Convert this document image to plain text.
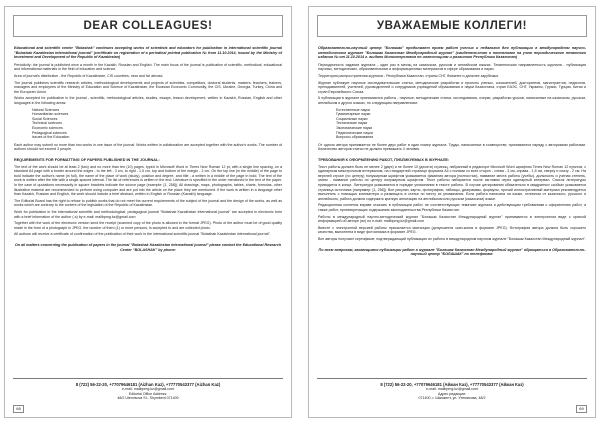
DEAR COLLEAGUES!
Educational and scientific center "Bolashak" continues accepting works of scientists and educators for publication in international scientific journal "Bolashak Kazakhstan international journal" (certificate on registration of a periodical printed publication № from 11.10.2014, issued by the Ministry of Investment and Development of the Republic of Kazakhstan)

Periodicity: the journal is published once a month in the Kazakh, Russian and English. The main focus of the journal is publication of scientific, methodical, educational and informational materials in the field of education and science.

Area of journal's distribution - the Republic of Kazakhstan, CIS countries, near and far abroad.

The journal publishes scientific research articles, methodological developments and projects of scientists, competitors, doctoral students, masters, teachers, trainers, managers and employees of the Ministry of Education and Science of Kazakhstan, the Eurasian Economic Community, the CIS, Ukraine, Georgia, Turkey, China and the European Union.

Works accepted for publication in the journal - scientific, methodological articles, studies, essays, lesson development, written in Kazakh, Russian, English and other languages in the following areas:

Natural Sciences
Humanitarian sciences
Social Sciences
Technical sciences
Economic sciences
Pedagogical sciences
Issues of the Education

Each author may submit no more than two works in one issue of the journal. Works written in collaboration are accepted together with the author's works. The number of authors should not exceed 3 people.

REQUIREMENTS FOR FORMATTING OF PAPERS PUBLISHED IN THE JOURNAL:

The text of the work should be at least 2 (two) and no more than ten (10) pages, typed in Microsoft Word in Times New Roman 12 pt, with a single line spacing, on a standard A4 page with a border around the edges - to the left - 3 cm, to right - 1.5 cm, top and bottom of the margin - 2 cm. On the top line (in the middle) of the page to bold indicate the author's name (in full), the name of the place of work (study), position and degree, and title - a written in a middle of the page in bold. The text of the work is written after the title with a single-spaced interval. The list of references is written in the end. Literature is specified in the order mentioned in the text of the paper. In the case of quotations necessarily in square brackets indicate the source page (example: [1, 258]). All drawings, maps, photographs, tables, charts, formulas, other illustrative material are recommended to perform using computer and are put into the article on the place they are mentioned. If the work is written in a language other than Kazakh, Russian and English, the work should include a brief abstract, written in English or Russian (Kazakh) language.

The Editorial Board has the right to refuse to publish works that do not meet the current requirements of the subject of the journal and the design of the works, as well as works which are contrary to the content of the legislation of the Republic of Kazakhstan.

Work for publication in the international scientific and methodological, pedagogical journal "Bolashak Kazakhstan international journal" are accepted in electronic form with a brief information of the author ( a) by e-mail: mailbpmg.kz@gmail.com

Together with the work of the electronic version send the receipt (scanned copy of the photo is allowed in the format JPEG). Photo of the author must be of good quality made in the form of a photograph in JPEG, the number of them (1) or more persons, is accepted to and are collected photo.

All authors will receive a certificate of confirmation of the publication of their work in the international scientific journal "Bolashak Kazakhstan international journal".

On all matters concerning the publication of papers in the journal "Bolashak Kazakhstan international journal" please contact the Educational Research Center "BOLASHAK" by phone:
8 (722) 56-22-20, +77079646181 (Aizhan Kaz), +77770543377 (Aizhan Kaz)
e-mail: mailbpmg.kz@gmail.com
Editorial Office Address:
48/2 Utemisova St., Shymkent 071400
68
УВАЖАЕМЫЕ КОЛЛЕГИ!
Образовательно-научный центр "Болашак" продолжает прием работ ученых и педагогов для публикации в международном научно-методическом журнале "Болашак Казахстан Международный журнал" (свидетельство о постановке на учет периодического печатного издания № от 11.10.2014 г. выдано Министерством по инвестициям и развитию Республики Казахстан)

Периодичность издания журнала - один раз в месяц на казахском, русском и английском языках. Тематическая направленность журнала - публикация научных, методических, образовательных и информационных материалов в сфере образования и науки.

Территория распространения журнала - Республика Казахстан, страны СНГ, ближнее и дальнее зарубежье.

Журнал публикует научные исследовательские статьи, методические разработки и проекты ученых, соискателей, докторантов, магистрантов, педагогов, преподавателей, учителей, руководителей и сотрудников учреждений образования и науки Казахстана, стран ЕАЭС, СНГ, Украины, Грузии, Турции, Китая и стран Европейского Союза.

К публикации в журнале принимаются работы - научные, методические статьи, исследования, очерки, разработки уроков, написанные на казахском, русском, английском и других языках, по следующим направлениям:

Естественные науки
Гуманитарные науки
Социальные науки
Технические науки
Экономические науки
Педагогические науки
Вопросы образования

От одного автора принимается не более двух работ в один номер журнала. Труды, написанные в соавторстве, принимаются наряду с авторскими работами. Количество авторов статьи не должно превышать 3 человек.

ТРЕБОВАНИЯ К ОФОРМЛЕНИЮ РАБОТ, ПУБЛИКУЕМЫХ В ЖУРНАЛЕ:

Текст работы должен быть не менее 2 (двух) и не более 10 (десяти) страниц, набранный в редакторе Microsoft Word шрифтом Times New Roman 12 пунктов, с одинарным межстрочным интервалом, на стандартной странице формата А4 с полями со всех сторон - слева - 3 см, справа - 1,5 см, сверху и снизу - 2 см. На верхней строке (по центру) полужирным шрифтом указывается фамилия автора (полностью), название места работы (учебы), должность и ученая степень, затем - название работы по центру полужирным шрифтом. Текст работы набирается после заглавия через одинарный интервал. Список литературы приводится в конце. Литература указывается в порядке упоминания в тексте работы. В случае цитирования обязательно в квадратных скобках указывается страница источника (например: [1, 258]). Все рисунки, карты, фотографии, таблицы, диаграммы, формулы, прочий иллюстративный материал рекомендуется выполнять с помощью компьютера и размещать в статье по месту их упоминания. Если работа написана на языке, отличном от казахского, русского и английского, работа должна содержать краткую аннотацию на английском или русском (казахском) языке.

Редакционная коллегия вправе отказать в публикации работ, не соответствующих тематике журнала и действующим требованиям к оформлению работ, а также работ, противоречащих содержанию законодательства Республики Казахстан.

Работы в международный научно-методический журнал "Болашак Казахстан Международный журнал" принимаются в электронном виде с краткой информацией об авторе (ах) по e-mail: mailbpmg.kz@gmail.com

Вместе с электронной версией работы присылается квитанция (допускается скан-копия в формате JPEG). Фотография автора должна быть хорошего качества, выполнена в виде фотоснимка в формате JPEG.

Все авторы получают сертификат, подтверждающий публикацию их работы в международном научном журнале "Болашак Казахстан Международный журнал".

По всем вопросам, касающимся публикации работ в журнале "Болашак Казахстан Международный журнал" обращаться в Образовательно-научный центр "БОЛАШАК" по телефонам:
8 (722) 56-22-20, +77079646181 (Айжан Каз), +77770543377 (Айжан Каз)
e-mail: mailbpmg.kz@gmail.com
Адрес редакции:
071400, г. Шымкент, ул. Утемисова, 48/2
69
